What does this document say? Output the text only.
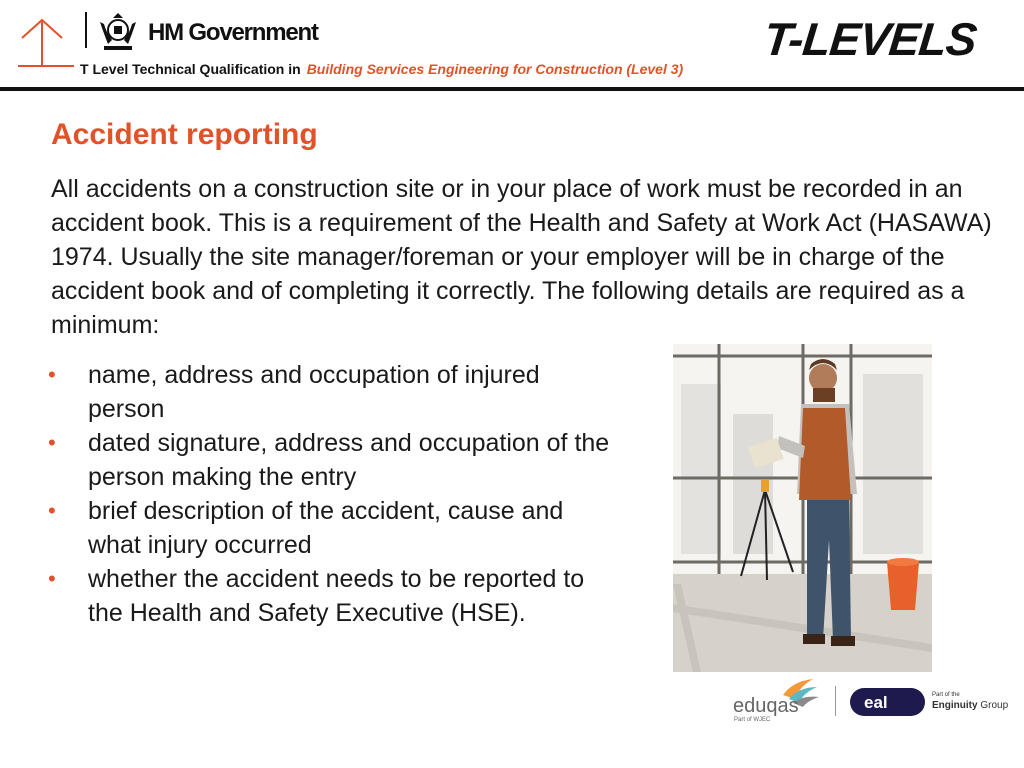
HM Government
T Level Technical Qualification in Building Services Engineering for Construction (Level 3)
T-LEVELS
Accident reporting
All accidents on a construction site or in your place of work must be recorded in an accident book. This is a requirement of the Health and Safety at Work Act (HASAWA) 1974. Usually the site manager/foreman or your employer will be in charge of the accident book and of completing it correctly. The following details are required as a minimum:
• name, address and occupation of injured person
• dated signature, address and occupation of the person making the entry
• brief description of the accident, cause and what injury occurred
• whether the accident needs to be reported to the Health and Safety Executive (HSE).
eduqas
Part of WJEC
eal	Part of the
Enginuity Group
